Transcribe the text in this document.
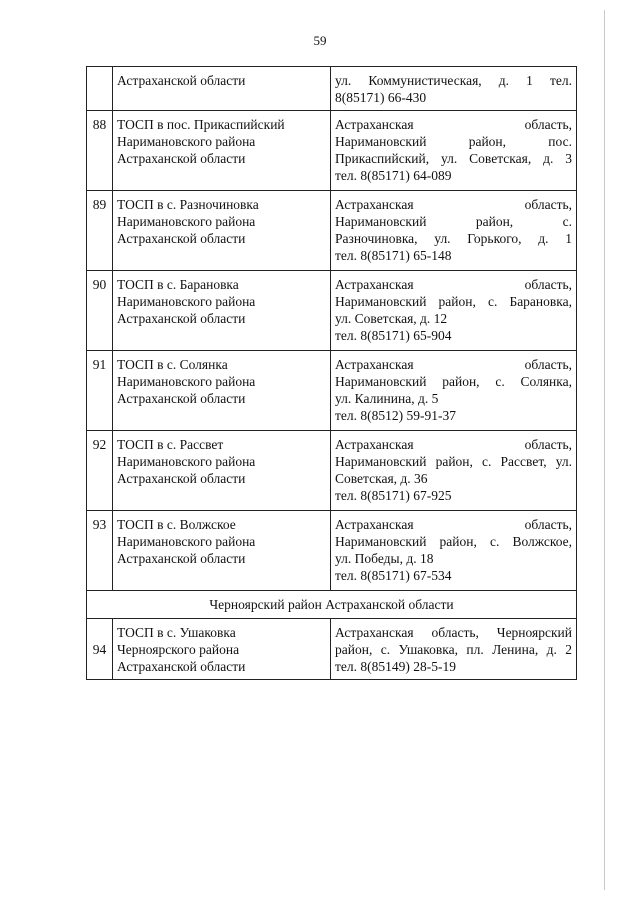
59

	Астраханской области	ул. Коммунистическая, д. 1 тел.
8(85171) 66-430

88	ТОСП в пос. Прикаспийский
Наримановского района
Астраханской области	Астраханская область,
Наримановский район, пос.
Прикаспийский, ул. Советская, д. 3
тел. 8(85171) 64-089

89	ТОСП в с. Разночиновка
Наримановского района
Астраханской области	Астраханская область,
Наримановский район, с.
Разночиновка, ул. Горького, д. 1
тел. 8(85171) 65-148

90	ТОСП в с. Барановка
Наримановского района
Астраханской области	Астраханская область,
Наримановский район, с. Барановка,
ул. Советская, д. 12
тел. 8(85171) 65-904

91	ТОСП в с. Солянка
Наримановского района
Астраханской области	Астраханская область,
Наримановский район, с. Солянка,
ул. Калинина, д. 5
тел. 8(8512) 59-91-37

92	ТОСП в с. Рассвет
Наримановского района
Астраханской области	Астраханская область,
Наримановский район, с. Рассвет, ул.
Советская, д. 36
тел. 8(85171) 67-925

93	ТОСП в с. Волжское
Наримановского района
Астраханской области	Астраханская область,
Наримановский район, с. Волжское,
ул. Победы, д. 18
тел. 8(85171) 67-534

Черноярский район Астраханской области		
94	ТОСП в с. Ушаковка
Черноярского района
Астраханской области	Астраханская область, Черноярский
район, с. Ушаковка, пл. Ленина, д. 2
тел. 8(85149) 28-5-19
